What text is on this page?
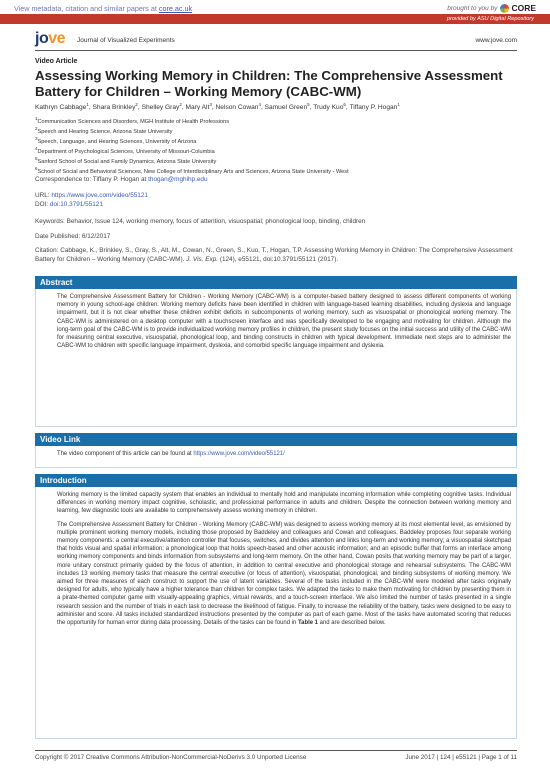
View metadata, citation and similar papers at core.ac.uk	brought to you by CORE
provided by ASU Digital Repository
jove Journal of Visualized Experiments	www.jove.com
Video Article
Assessing Working Memory in Children: The Comprehensive Assessment Battery for Children – Working Memory (CABC-WM)
Kathryn Cabbage$^1$, Shara Brinkley$^2$, Shelley Gray$^2$, Mary Alt$^3$, Nelson Cowan$^4$, Samuel Green$^5$, Trudy Kuo$^6$, Tiffany P. Hogan$^1$
$^1$Communication Sciences and Disorders, MGH Institute of Health Professions
$^2$Speech and Hearing Science, Arizona State University
$^3$Speech, Language, and Hearing Sciences, University of Arizona
$^4$Department of Psychological Sciences, University of Missouri-Columbia
$^5$Sanford School of Social and Family Dynamics, Arizona State University
$^6$School of Social and Behavioral Sciences, New College of Interdisciplinary Arts and Sciences, Arizona State University - West
Correspondence to: Tiffany P. Hogan at thogan@mghihp.edu
URL: https://www.jove.com/video/55121
DOI: doi:10.3791/55121
Keywords: Behavior, Issue 124, working memory, focus of attention, visuospatial; phonological loop, binding, children
Date Published: 6/12/2017
Citation: Cabbage, K., Brinkley, S., Gray, S., Alt, M., Cowan, N., Green, S., Kuo, T., Hogan, T.P. Assessing Working Memory in Children: The Comprehensive Assessment Battery for Children – Working Memory (CABC-WM). J. Vis. Exp. (124), e55121, doi:10.3791/55121 (2017).
Abstract
The Comprehensive Assessment Battery for Children - Working Memory (CABC-WM) is a computer-based battery designed to assess different components of working memory in young school-age children. Working memory deficits have been identified in children with language-based learning disabilities, including dyslexia and language impairment, but it is not clear whether these children exhibit deficits in subcomponents of working memory, such as visuospatial or phonological working memory. The CABC-WM is administered on a desktop computer with a touchscreen interface and was specifically developed to be engaging and motivating for children. Although the long-term goal of the CABC-WM is to provide individualized working memory profiles in children, the present study focuses on the initial success and utility of the CABC-WM for measuring central executive, visuospatial, phonological loop, and binding constructs in children with typical development. Immediate next steps are to administer the CABC-WM to children with specific language impairment, dyslexia, and comorbid specific language impairment and dyslexia.
Video Link
The video component of this article can be found at https://www.jove.com/video/55121/
Introduction
Working memory is the limited capacity system that enables an individual to mentally hold and manipulate incoming information while completing cognitive tasks. Individual differences in working memory impact cognitive, scholastic, and professional performance in adults and children. Despite the connection between working memory and learning, few diagnostic tools are available to comprehensively assess working memory in children.
The Comprehensive Assessment Battery for Children - Working Memory (CABC-WM) was designed to assess working memory at its most elemental level, as envisioned by multiple prominent working memory models, including those proposed by Baddeley and colleagues and Cowan and colleagues. Baddeley proposes four separate working memory components: a central executive/attention controller that focuses, switches, and divides attention and links long-term and working memory; a visuospatial sketchpad that holds visual and spatial information; a phonological loop that holds speech-based and other acoustic information; and an episodic buffer that forms an interface among working memory components and binds information from subsystems and long-term memory. On the other hand, Cowan posits that working memory may be part of a larger, more unitary construct primarily guided by the focus of attention, in addition to central executive and phonological storage and rehearsal subsystems. The CABC-WM includes 13 working memory tasks that measure the central executive (or focus of attention), visuospatial, phonological, and binding subsystems of working memory. We aimed for three measures of each construct to support the use of latent variables. Several of the tasks included in the CABC-WM were modeled after tasks originally designed for adults, who typically have a higher tolerance than children for complex tasks. We adapted the tasks to make them motivating for children by presenting them in a pirate-themed computer game with visually-appealing graphics, virtual rewards, and a touch-screen interface. We also limited the number of tasks presented in a single research session and the number of trials in each task to decrease the likelihood of fatigue. Finally, to increase the reliability of the battery, tasks were designed to be easy to administer and score. All tasks included standardized instructions presented by the computer as part of each game. Most of the tasks have automated scoring that reduces the opportunity for human error during data processing. Details of the tasks can be found in Table 1 and are described below.
Copyright © 2017 Creative Commons Attribution-NonCommercial-NoDerivs 3.0 Unported License	June 2017 | 124 | e55121 | Page 1 of 11
